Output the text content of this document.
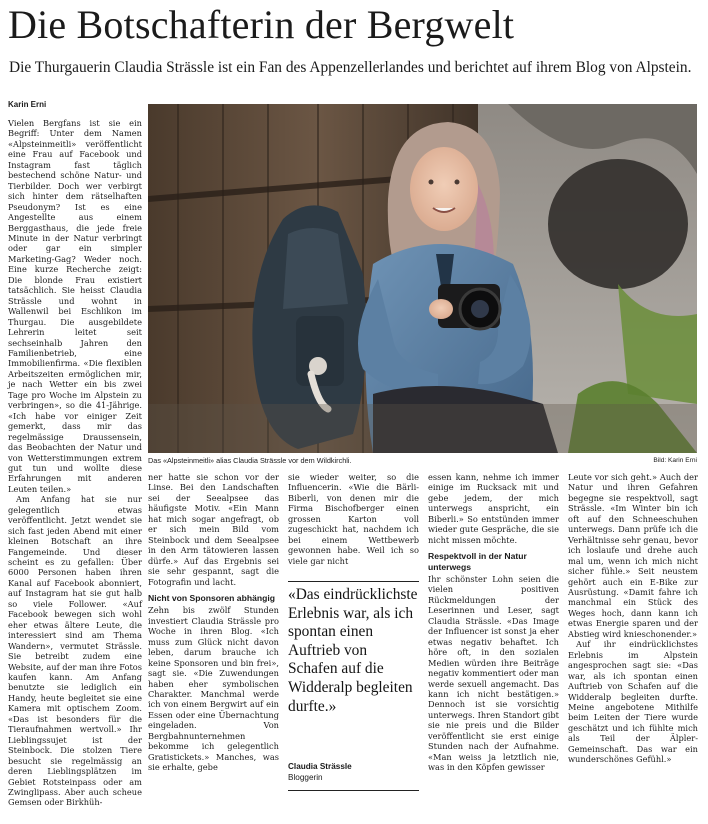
Die Botschafterin der Bergwelt
Die Thurgauerin Claudia Strässle ist ein Fan des Appenzellerlandes und berichtet auf ihrem Blog von Alpstein.
Karin Erni

Vielen Bergfans ist sie ein Begriff: Unter dem Namen «Alpsteinmeitli» veröffentlicht eine Frau auf Facebook und Instagram fast täglich bestechend schöne Natur- und Tierbilder. Doch wer verbirgt sich hinter dem rätselhaften Pseudonym? Ist es eine Angestellte aus einem Berggasthaus, die jede freie Minute in der Natur verbringt oder gar ein simpler Marketing-Gag? Weder noch. Eine kurze Recherche zeigt: Die blonde Frau existiert tatsächlich. Sie heisst Claudia Strässle und wohnt in Wallenwil bei Eschlikon im Thurgau. Die ausgebildete Lehrerin leitet seit sechseinhalb Jahren den Familienbetrieb, eine Immobilienfirma. «Die flexiblen Arbeitszeiten ermöglichen mir, je nach Wetter ein bis zwei Tage pro Woche im Alpstein zu verbringen», so die 41-Jährige. «Ich habe vor einiger Zeit gemerkt, dass mir das regelmässige Draussensein, das Beobachten der Natur und von Wetterstimmungen extrem gut tun und wollte diese Erfahrungen mit anderen Leuten teilen.»

Am Anfang hat sie nur gelegentlich etwas veröffentlicht. Jetzt wendet sie sich fast jeden Abend mit einer kleinen Botschaft an ihre Fangemeinde. Und dieser scheint es zu gefallen: Über 6000 Personen haben ihren Kanal auf Facebook abonniert, auf Instagram hat sie gut halb so viele Follower. «Auf Facebook bewegen sich wohl eher etwas ältere Leute, die interessiert sind am Thema Wandern», vermutet Strässle. Sie betreibt zudem eine Website, auf der man ihre Fotos kaufen kann. Am Anfang benutzte sie lediglich ein Handy, heute begleitet sie eine Kamera mit optischem Zoom. «Das ist besonders für die Tieraufnahmen wertvoll.» Ihr Lieblingssujet ist der Steinbock. Die stolzen Tiere besucht sie regelmässig an deren Lieblingsplätzen im Gebiet Rotsteinpass oder am Zwinglipass. Aber auch scheue Gemsen oder Birkhüh-

Das «Alpsteinmeitli» alias Claudia Strässle vor dem Wildkirchli.	Bild: Karin Erni

ner hatte sie schon vor der Linse. Bei den Landschaften sei der Seealpsee das häufigste Motiv. «Ein Mann hat mich sogar angefragt, ob er sich mein Bild vom Steinbock und dem Seealpsee in den Arm tätowieren lassen dürfe.» Auf das Ergebnis sei sie sehr gespannt, sagt die Fotografin und lacht.

Nicht von Sponsoren abhängig

Zehn bis zwölf Stunden investiert Claudia Strässle pro Woche in ihren Blog. «Ich muss zum Glück nicht davon leben, darum brauche ich keine Sponsoren und bin frei», sagt sie. «Die Zuwendungen haben eher symbolischen Charakter. Manchmal werde ich von einem Bergwirt auf ein Essen oder eine Übernachtung eingeladen. Von Bergbahnunternehmen bekomme ich gelegentlich Gratistickets.» Manches, was sie erhalte, gebe

sie wieder weiter, so die Influencerin. «Wie die Bärli-Biberli, von denen mir die Firma Bischofberger einen grossen Karton voll zugeschickt hat, nachdem ich bei einem Wettbewerb gewonnen habe. Weil ich so viele gar nicht

«Das eindrücklichste Erlebnis war, als ich spontan einen Auftrieb von Schafen auf die Widderalp begleiten durfte.»
Claudia Strässle
Bloggerin

essen kann, nehme ich immer einige im Rucksack mit und gebe jedem, der mich unterwegs anspricht, ein Biberli.» So entstünden immer wieder gute Gespräche, die sie nicht missen möchte.

Respektvoll in der Natur unterwegs

Ihr schönster Lohn seien die vielen positiven Rückmeldungen der Leserinnen und Leser, sagt Claudia Strässle. «Das Image der Influencer ist sonst ja eher etwas negativ behaftet. Ich höre oft, in den sozialen Medien würden ihre Beiträge negativ kommentiert oder man werde sexuell angemacht. Das kann ich nicht bestätigen.» Dennoch ist sie vorsichtig unterwegs. Ihren Standort gibt sie nie preis und die Bilder veröffentlicht sie erst einige Stunden nach der Aufnahme. «Man weiss ja letztlich nie, was in den Köpfen gewisser

Leute vor sich geht.» Auch der Natur und ihren Gefahren begegne sie respektvoll, sagt Strässle. «Im Winter bin ich oft auf den Schneeschuhen unterwegs. Dann prüfe ich die Verhältnisse sehr genau, bevor ich loslaufe und drehe auch mal um, wenn ich mich nicht sicher fühle.» Seit neustem gehört auch ein E-Bike zur Ausrüstung. «Damit fahre ich manchmal ein Stück des Weges hoch, dann kann ich etwas Energie sparen und der Abstieg wird knieschonender.»

Auf ihr eindrücklichstes Erlebnis im Alpstein angesprochen sagt sie: «Das war, als ich spontan einen Auftrieb von Schafen auf die Widderalp begleiten durfte. Meine angebotene Mithilfe beim Leiten der Tiere wurde geschätzt und ich fühlte mich als Teil der Älpler-Gemeinschaft. Das war ein wunderschönes Gefühl.»
